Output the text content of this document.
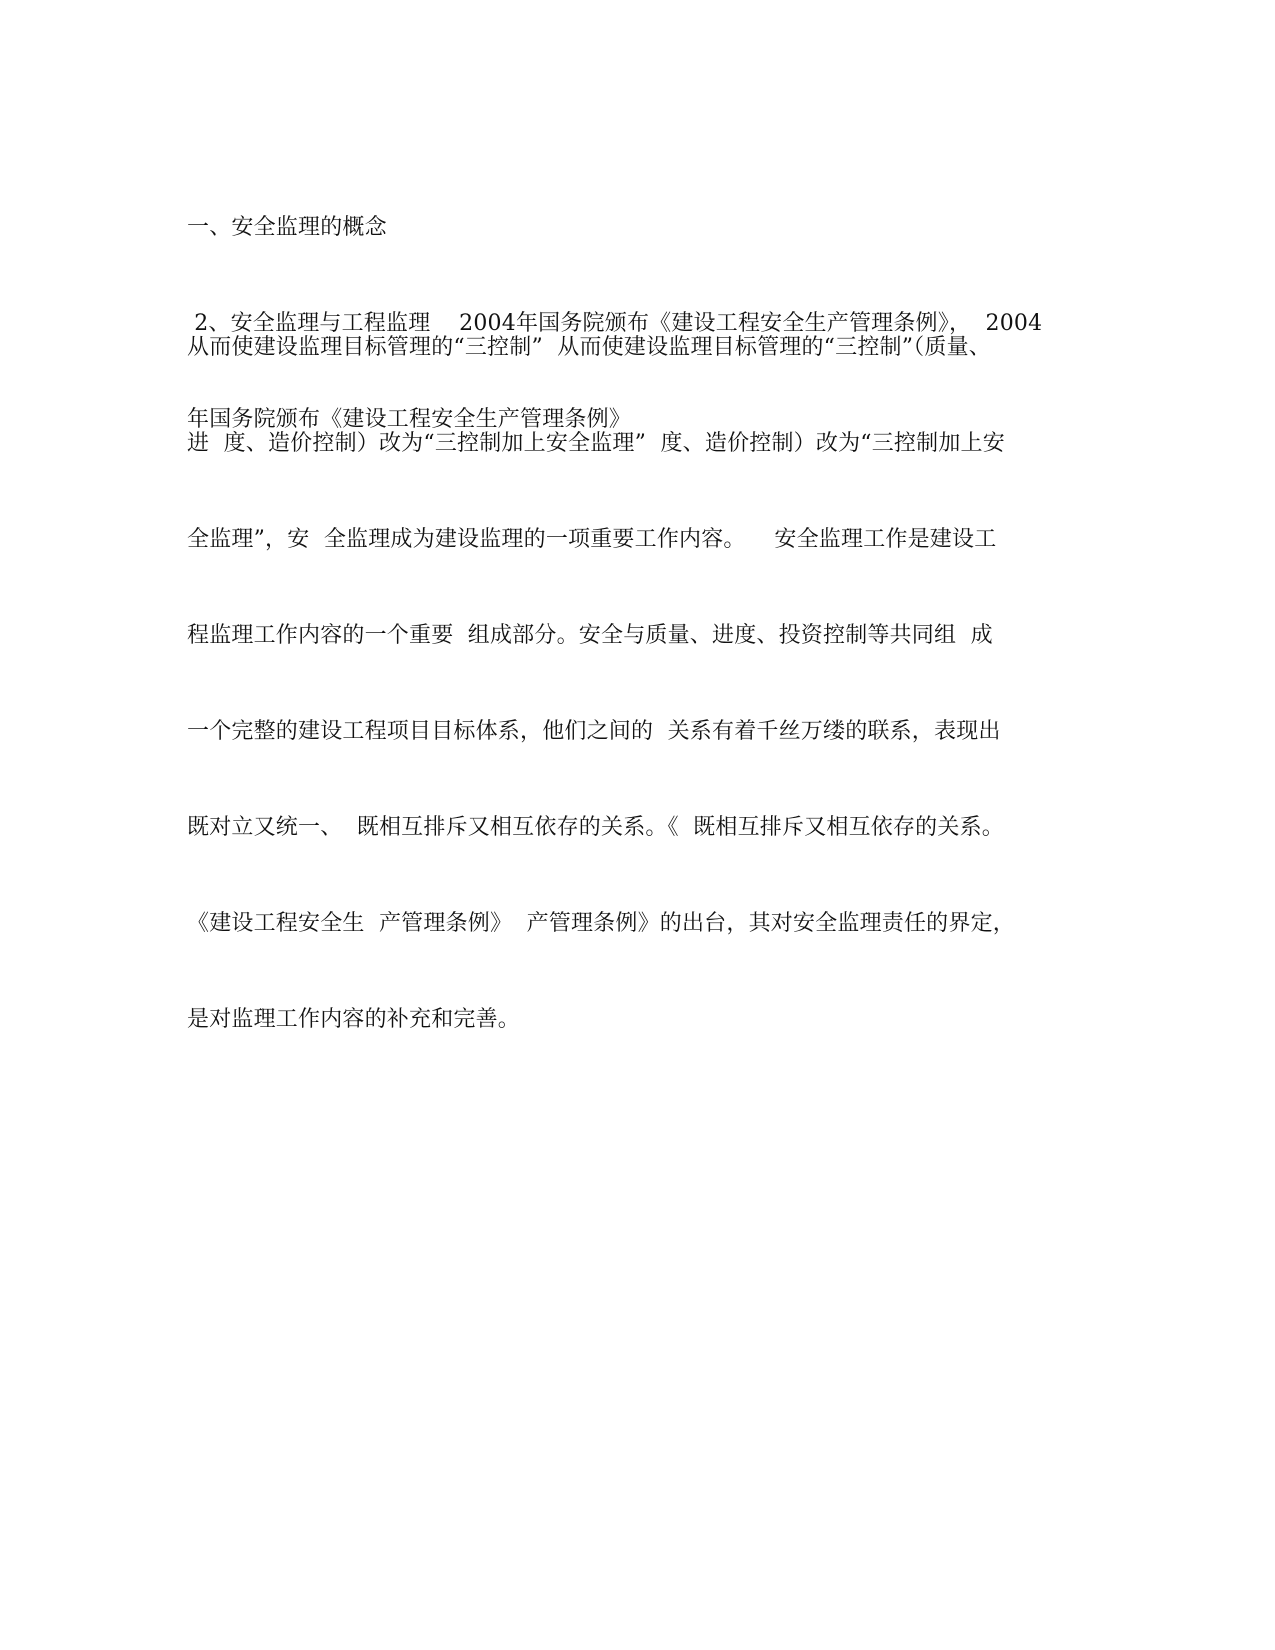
一、安全监理的概念

2、安全监理与工程监理    2004年国务院颁布《建设工程安全生产管理条例》，  2004

年国务院颁布《建设工程安全生产管理条例》

从而使建设监理目标管理的“三控制”  从而使建设监理目标管理的“三控制”（质量、

进  度、造价控制）改为“三控制加上安全监理”  度、造价控制）改为“三控制加上安

全监理”，安  全监理成为建设监理的一项重要工作内容。    安全监理工作是建设工

程监理工作内容的一个重要  组成部分。安全与质量、进度、投资控制等共同组  成

一个完整的建设工程项目目标体系，他们之间的  关系有着千丝万缕的联系，表现出

既对立又统一、  既相互排斥又相互依存的关系。《  既相互排斥又相互依存的关系。

《建设工程安全生  产管理条例》  产管理条例》的出台，其对安全监理责任的界定，

是对监理工作内容的补充和完善。
